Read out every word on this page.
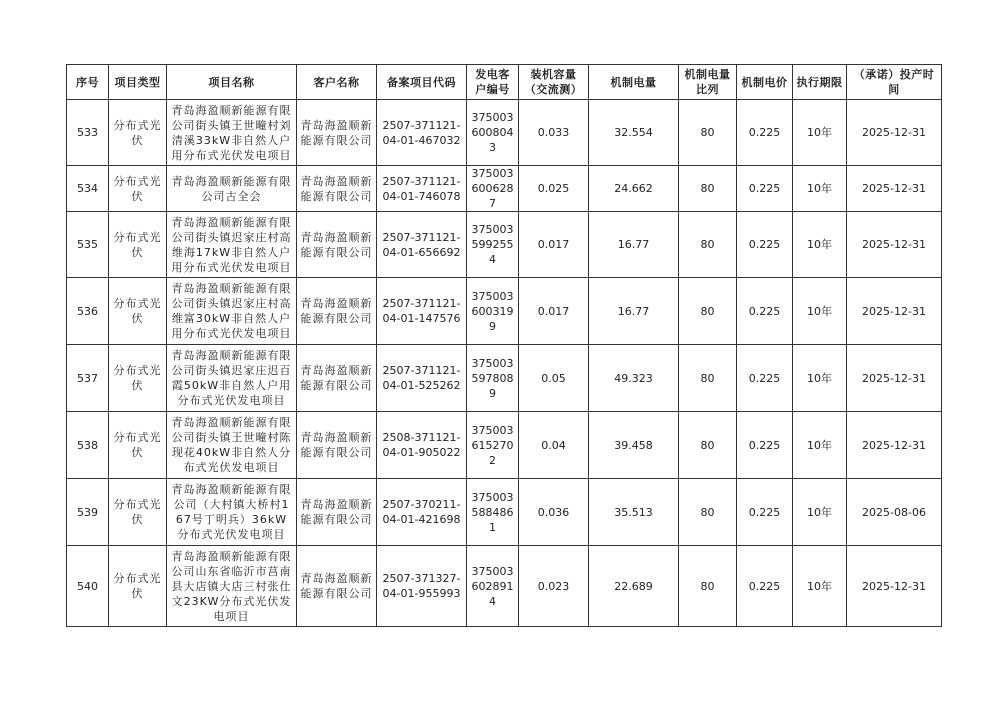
序号	项目类型	项目名称	客户名称	备案项目代码	发电客户编号	装机容量（交流测）	机制电量	机制电量比列	机制电价	执行期限	（承诺）投产时间
533	分布式光伏	青岛海盈顺新能源有限公司街头镇王世疃村刘清溪33kW非自然人户用分布式光伏发电项目	青岛海盈顺新能源有限公司	2507-371121-04-01-467032	3750036008043	0.033	32.554	80	0.225	10年	2025-12-31
534	分布式光伏	青岛海盈顺新能源有限公司古全会	青岛海盈顺新能源有限公司	2507-371121-04-01-746078	3750036006287	0.025	24.662	80	0.225	10年	2025-12-31
535	分布式光伏	青岛海盈顺新能源有限公司街头镇迟家庄村高维海17kW非自然人户用分布式光伏发电项目	青岛海盈顺新能源有限公司	2507-371121-04-01-656692	3750035992554	0.017	16.77	80	0.225	10年	2025-12-31
536	分布式光伏	青岛海盈顺新能源有限公司街头镇迟家庄村高维富30kW非自然人户用分布式光伏发电项目	青岛海盈顺新能源有限公司	2507-371121-04-01-147576	3750036003199	0.017	16.77	80	0.225	10年	2025-12-31
537	分布式光伏	青岛海盈顺新能源有限公司街头镇迟家庄迟百霞50kW非自然人户用分布式光伏发电项目	青岛海盈顺新能源有限公司	2507-371121-04-01-525262	3750035978089	0.05	49.323	80	0.225	10年	2025-12-31
538	分布式光伏	青岛海盈顺新能源有限公司街头镇王世疃村陈现花40kW非自然人分布式光伏发电项目	青岛海盈顺新能源有限公司	2508-371121-04-01-905022	3750036152702	0.04	39.458	80	0.225	10年	2025-12-31
539	分布式光伏	青岛海盈顺新能源有限公司（大村镇大桥村167号丁明兵）36kW分布式光伏发电项目	青岛海盈顺新能源有限公司	2507-370211-04-01-421698	3750035884861	0.036	35.513	80	0.225	10年	2025-08-06
540	分布式光伏	青岛海盈顺新能源有限公司山东省临沂市莒南县大店镇大店三村张仕文23KW分布式光伏发电项目	青岛海盈顺新能源有限公司	2507-371327-04-01-955993	3750036028914	0.023	22.689	80	0.225	10年	2025-12-31
